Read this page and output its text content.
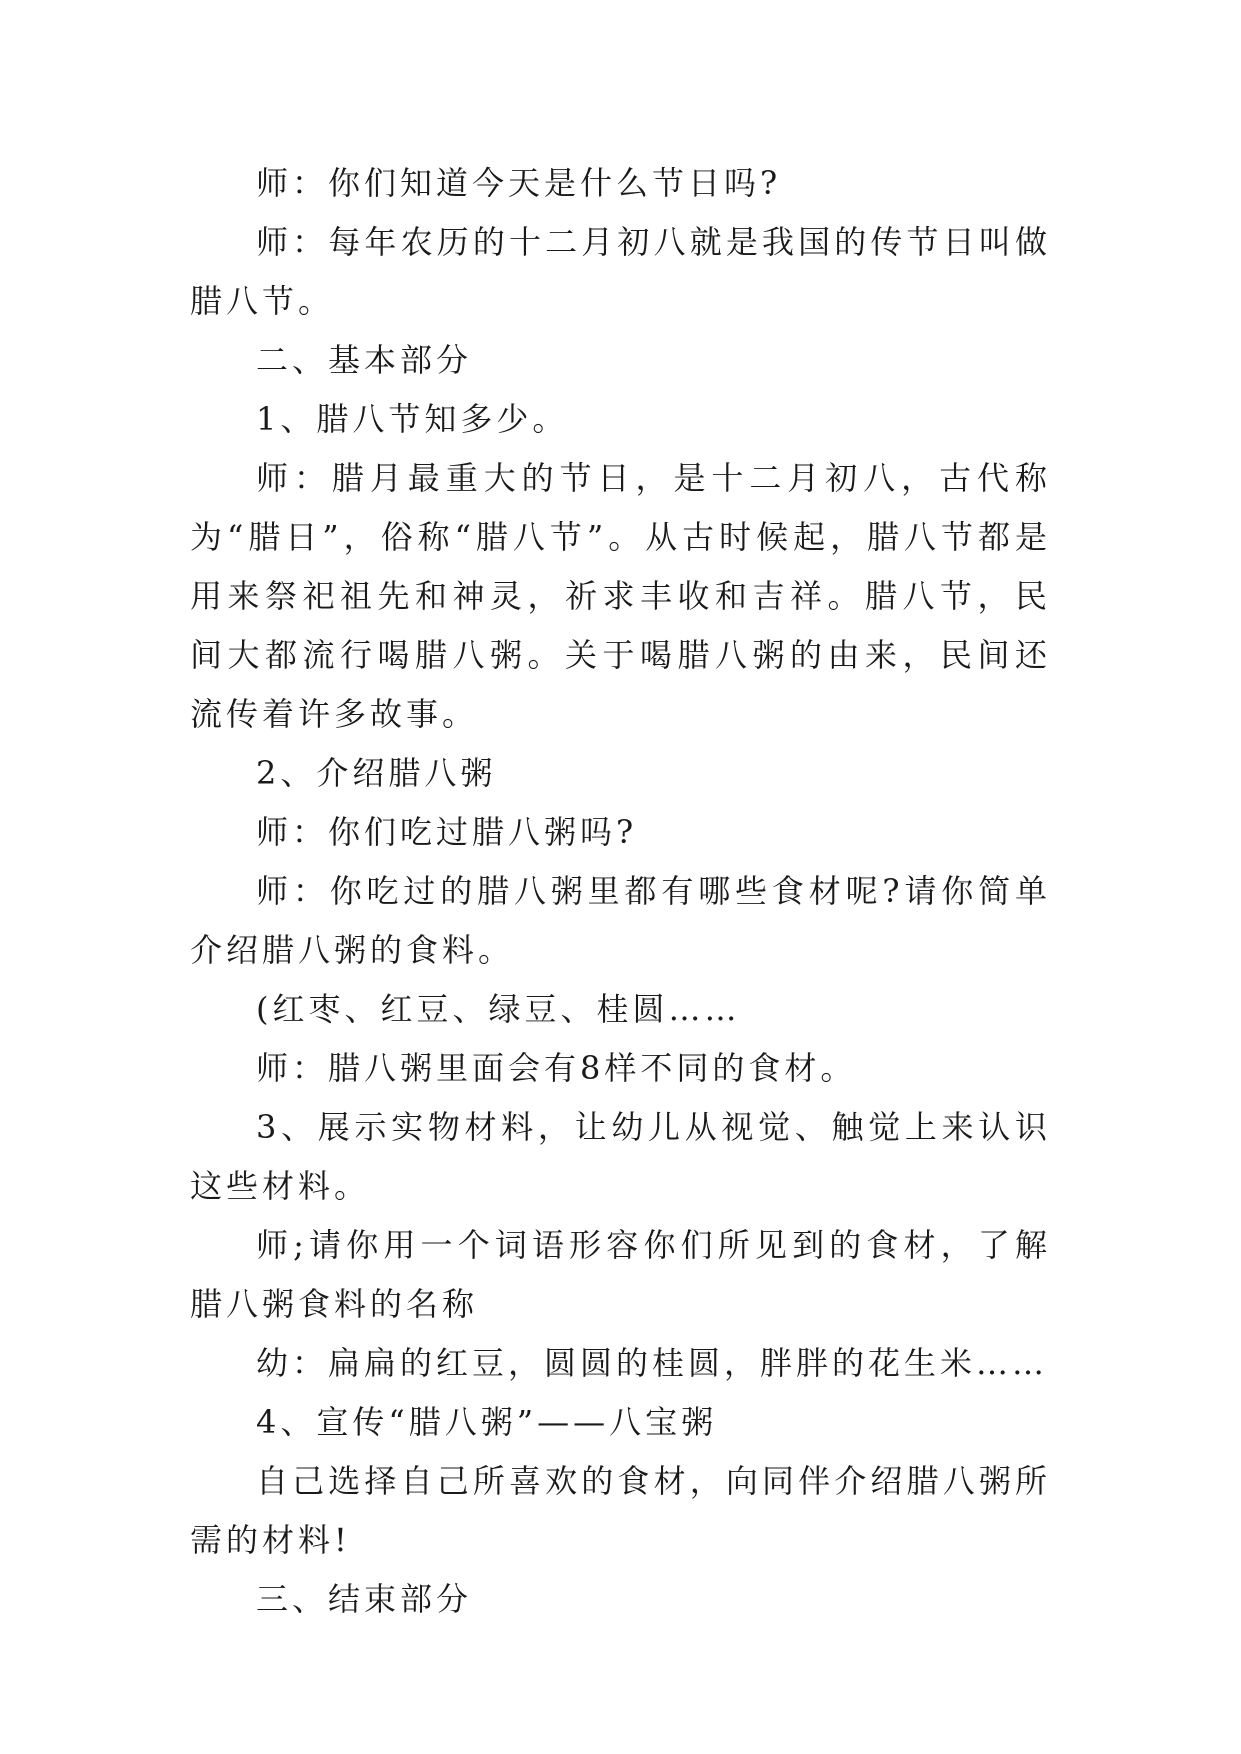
师：你们知道今天是什么节日吗?

师：每年农历的十二月初八就是我国的传节日叫做腊八节。

二、基本部分

1、腊八节知多少。

师：腊月最重大的节日，是十二月初八，古代称为“腊日”，俗称“腊八节”。从古时候起，腊八节都是用来祭祀祖先和神灵，祈求丰收和吉祥。腊八节，民间大都流行喝腊八粥。关于喝腊八粥的由来，民间还流传着许多故事。

2、介绍腊八粥

师：你们吃过腊八粥吗?

师：你吃过的腊八粥里都有哪些食材呢?请你简单介绍腊八粥的食料。

(红枣、红豆、绿豆、桂圆……

师：腊八粥里面会有8样不同的食材。

3、展示实物材料，让幼儿从视觉、触觉上来认识这些材料。

师;请你用一个词语形容你们所见到的食材，了解腊八粥食料的名称

幼：扁扁的红豆，圆圆的桂圆，胖胖的花生米……

4、宣传“腊八粥”——八宝粥

自己选择自己所喜欢的食材，向同伴介绍腊八粥所需的材料!

三、结束部分
